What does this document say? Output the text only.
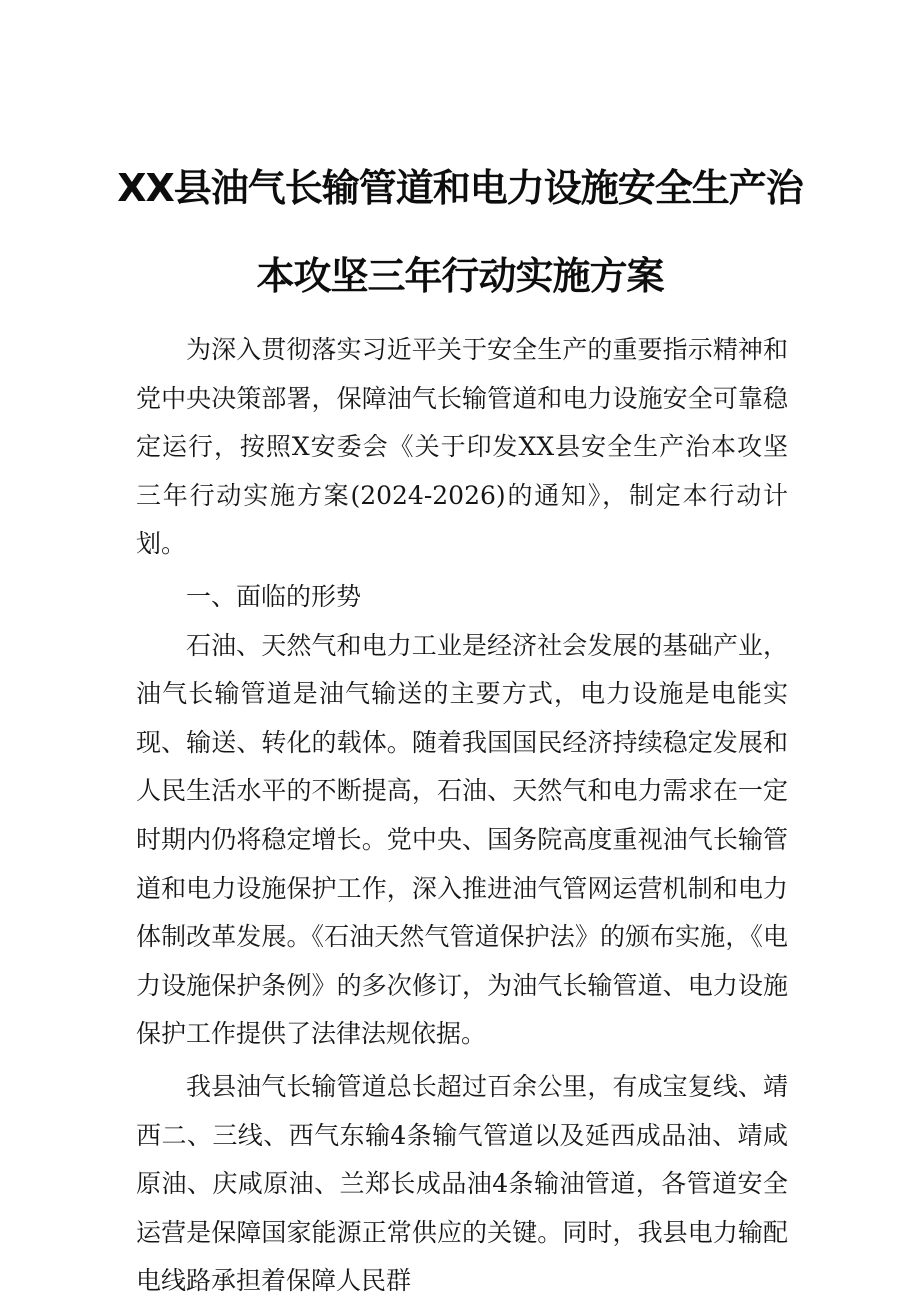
XX县油气长输管道和电力设施安全生产治
本攻坚三年行动实施方案

为深入贯彻落实习近平关于安全生产的重要指示精神和党中央决策部署，保障油气长输管道和电力设施安全可靠稳定运行，按照X安委会《关于印发XX县安全生产治本攻坚三年行动实施方案(2024-2026)的通知》，制定本行动计划。

一、面临的形势

石油、天然气和电力工业是经济社会发展的基础产业，油气长输管道是油气输送的主要方式，电力设施是电能实现、输送、转化的载体。随着我国国民经济持续稳定发展和人民生活水平的不断提高，石油、天然气和电力需求在一定时期内仍将稳定增长。党中央、国务院高度重视油气长输管道和电力设施保护工作，深入推进油气管网运营机制和电力体制改革发展。《石油天然气管道保护法》的颁布实施，《电力设施保护条例》的多次修订，为油气长输管道、电力设施保护工作提供了法律法规依据。

我县油气长输管道总长超过百余公里，有成宝复线、靖西二、三线、西气东输4条输气管道以及延西成品油、靖咸原油、庆咸原油、兰郑长成品油4条输油管道，各管道安全运营是保障国家能源正常供应的关键。同时，我县电力输配电线路承担着保障人民群
